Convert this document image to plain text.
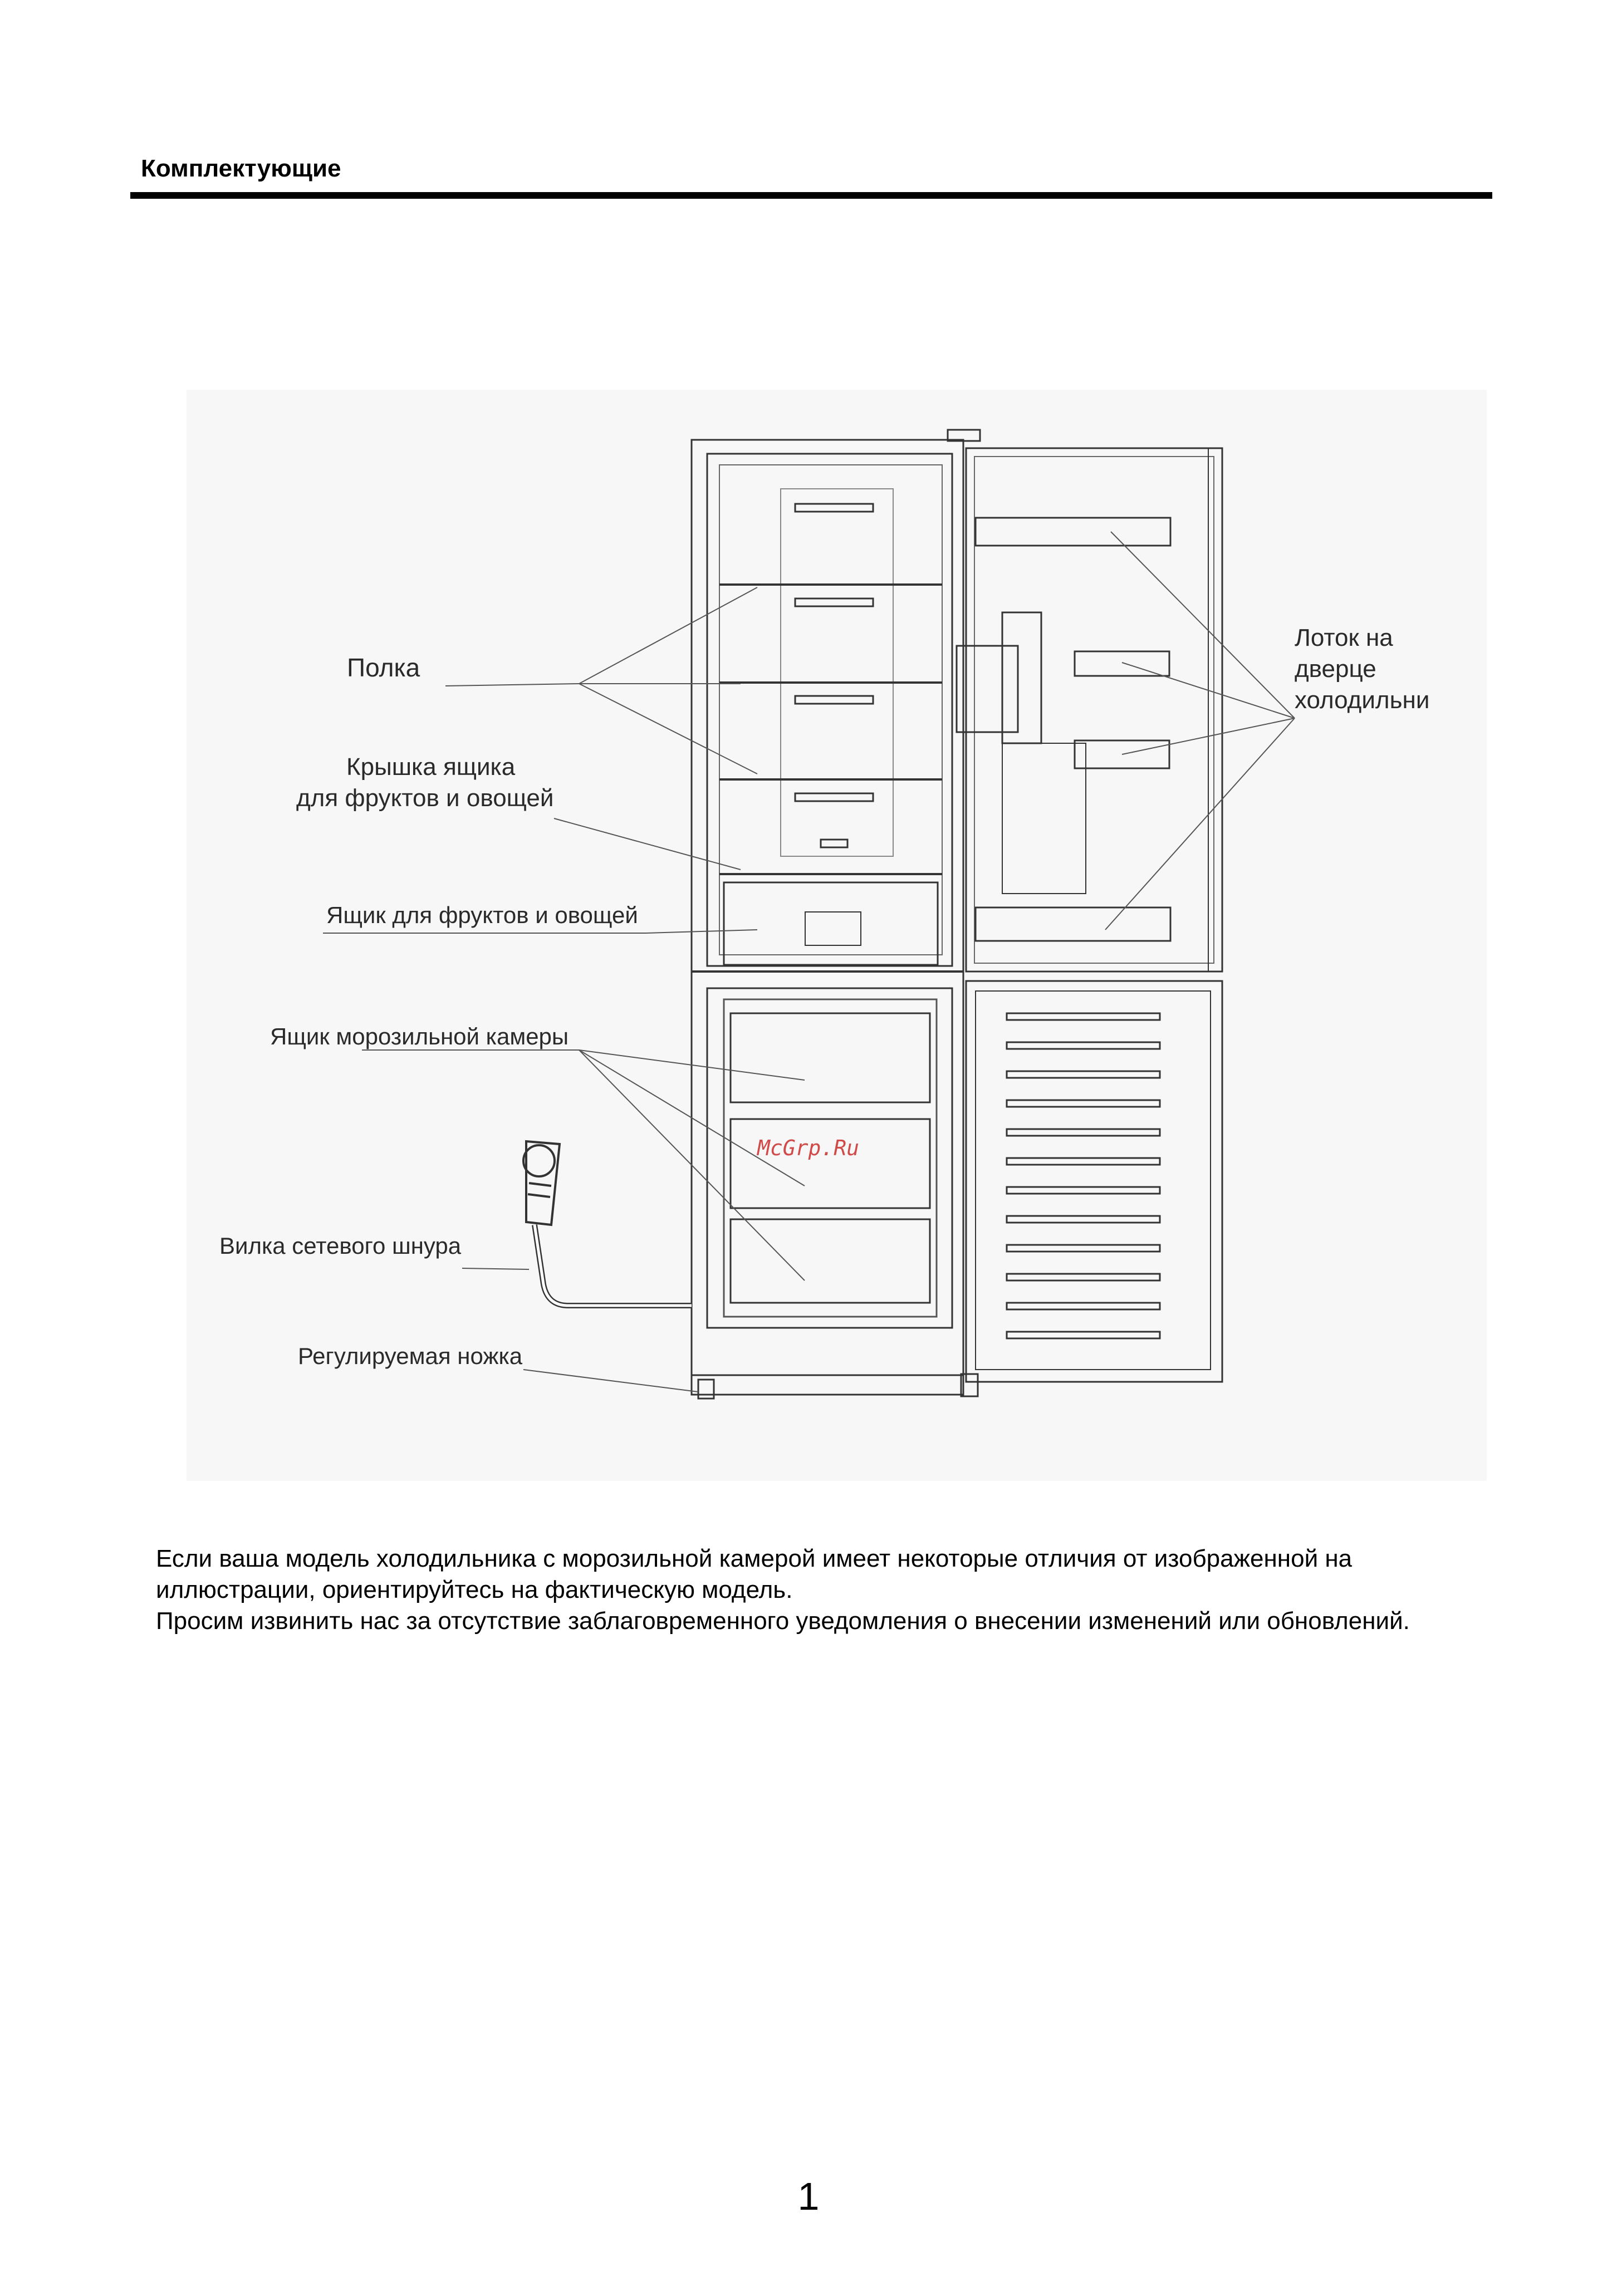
Комплектующие
Полка
Крышка ящика
для фруктов и овощей
Ящик для фруктов и овощей
Ящик морозильной камеры
Вилка сетевого шнура
Регулируемая ножка
Лоток на
дверце
холодильни
McGrp.Ru

Если ваша модель холодильника с морозильной камерой имеет некоторые отличия от изображенной на иллюстрации, ориентируйтесь на фактическую модель.

Просим извинить нас за отсутствие заблаговременного уведомления о внесении изменений или обновлений.

1
